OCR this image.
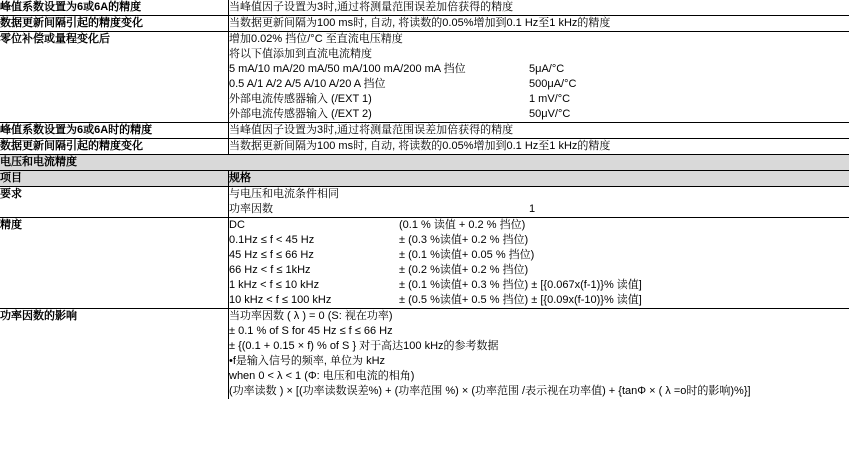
峰值系数设置为6或6A的精度	当峰值因子设置为3时,通过将测量范围误差加倍获得的精度

数据更新间隔引起的精度变化	当数据更新间隔为100 ms时, 自动, 将读数的0.05%增加到0.1 Hz至1 kHz的精度

零位补偿或量程变化后	增加0.02% 挡位/°C 至直流电压精度
将以下值添加到直流电流精度
5 mA/10 mA/20 mA/50 mA/100 mA/200 mA 挡位	5μA/°C
0.5 A/1 A/2 A/5 A/10 A/20 A 挡位	500μA/°C
外部电流传感器输入 (/EXT 1)	1 mV/°C
外部电流传感器输入 (/EXT 2)	50μV/°C

峰值系数设置为6或6A时的精度	当峰值因子设置为3时,通过将测量范围误差加倍获得的精度

数据更新间隔引起的精度变化	当数据更新间隔为100 ms时, 自动, 将读数的0.05%增加到0.1 Hz至1 kHz的精度

电压和电流精度	
项目	规格
要求	与电压和电流条件相同
功率因数 1

精度	DC	(0.1 % 读值 + 0.2 % 挡位)
0.1Hz ≤ f < 45 Hz	± (0.3 %读值+ 0.2 % 挡位)
45 Hz ≤ f ≤ 66 Hz	± (0.1 %读值+ 0.05 % 挡位)
66 Hz < f ≤ 1kHz	± (0.2 %读值+ 0.2 % 挡位)
1 kHz < f ≤ 10 kHz	± (0.1 %读值+ 0.3 % 挡位) ± [{0.067x(f-1)}% 读值]
10 kHz < f ≤ 100 kHz	± (0.5 %读值+ 0.5 % 挡位) ± [{0.09x(f-10)}% 读值]

功率因数的影响	当功率因数 ( λ ) = 0 (S: 视在功率)
± 0.1 % of S for 45 Hz ≤ f ≤ 66 Hz
± {(0.1 + 0.15 × f) % of S } 对于高达100 kHz的参考数据
•f是输入信号的频率, 单位为 kHz
when 0 < λ < 1 (Φ: 电压和电流的相角)
(功率读数 ) × [(功率读数误差%) + (功率范围 %) × (功率范围 /表示视在功率值) + {tanΦ × ( λ =o时的影响)%}]
